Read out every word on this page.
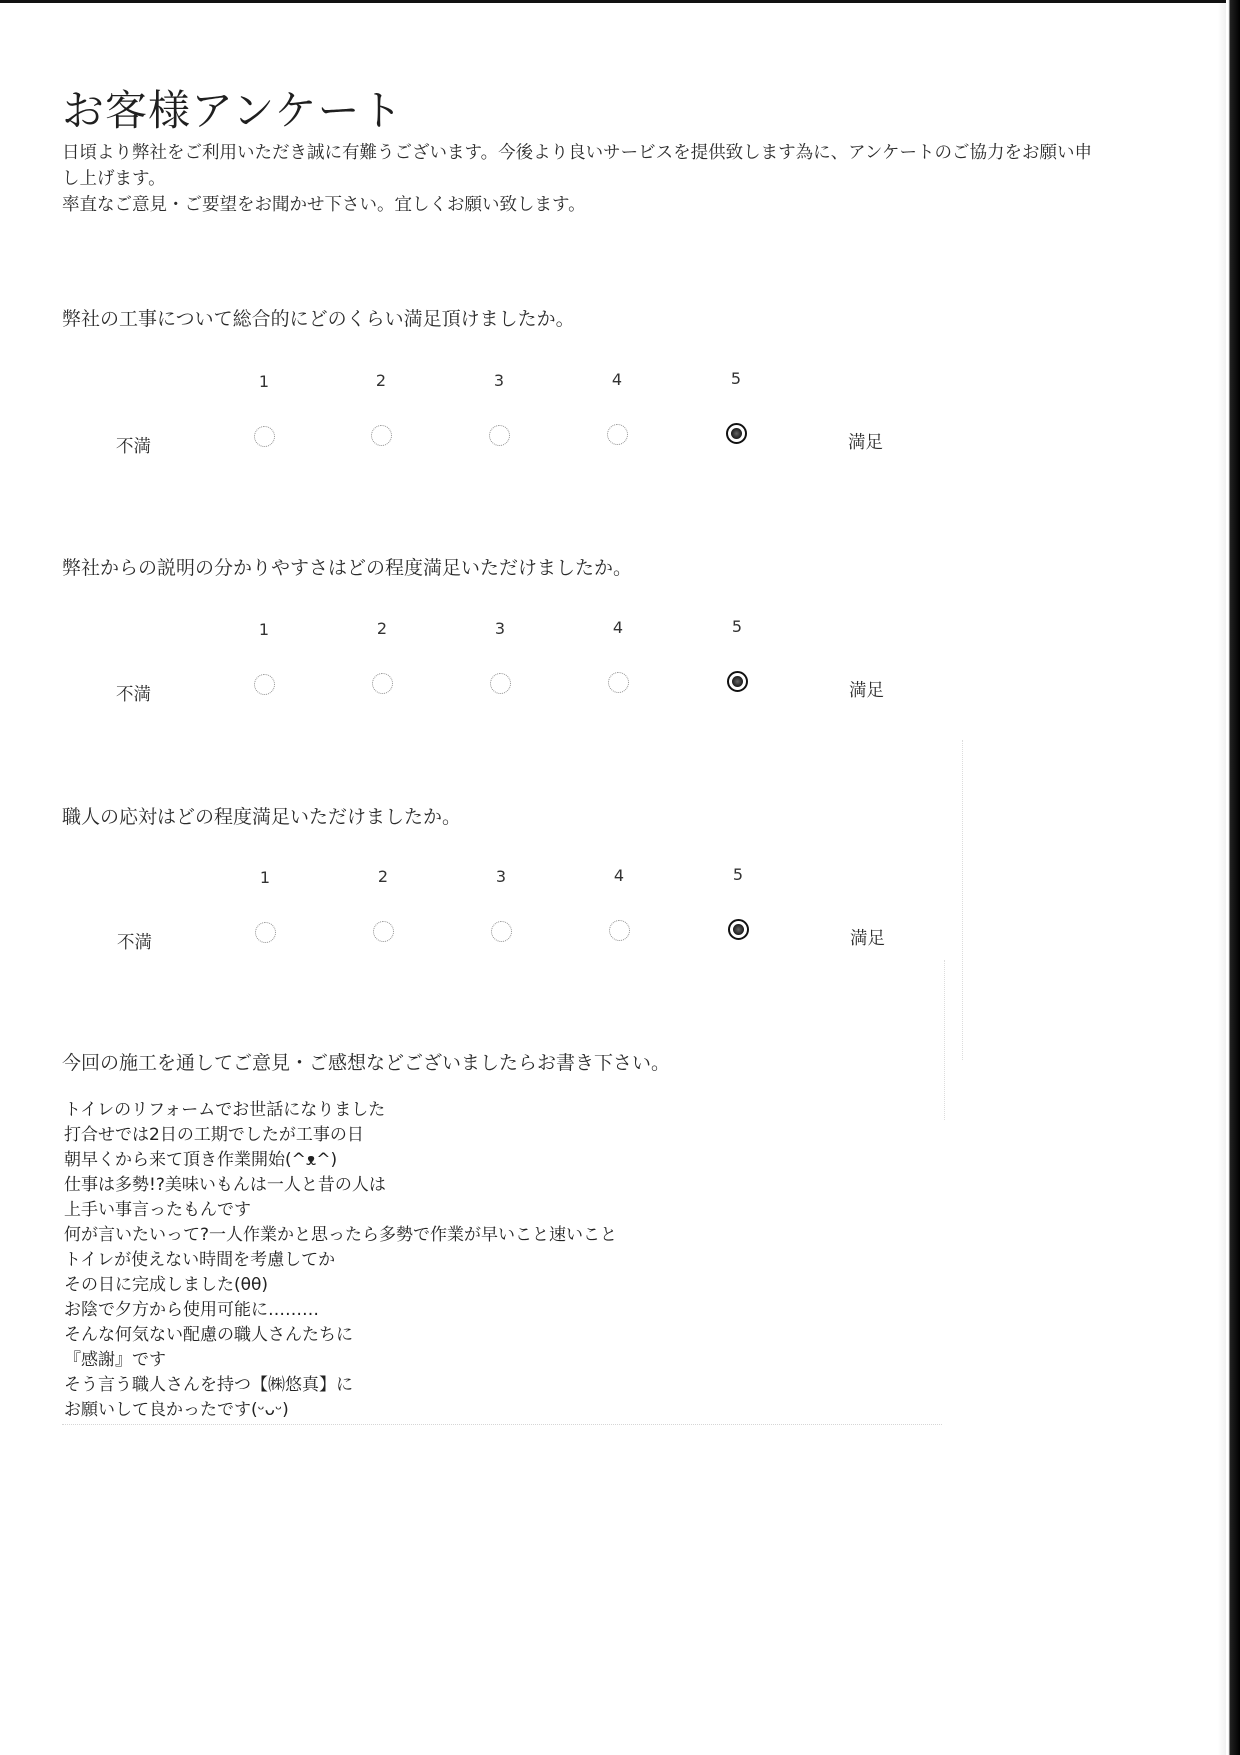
お客様アンケート

日頃より弊社をご利用いただき誠に有難うございます。今後より良いサービスを提供致します為に、アンケートのご協力をお願い申

し上げます。

率直なご意見・ご要望をお聞かせ下さい。宜しくお願い致します。

弊社の工事について総合的にどのくらい満足頂けましたか。
1	2	3	4	5
不満	満足
弊社からの説明の分かりやすさはどの程度満足いただけましたか。
1	2	3	4	5
不満	満足
職人の応対はどの程度満足いただけましたか。
1	2	3	4	5
不満	満足
今回の施工を通してご意見・ご感想などございましたらお書き下さい。
トイレのリフォームでお世話になりました
打合せでは2日の工期でしたが工事の日
朝早くから来て頂き作業開始(^ᴥ^)
仕事は多勢!?美味いもんは一人と昔の人は
上手い事言ったもんです
何が言いたいって?一人作業かと思ったら多勢で作業が早いこと速いこと
トイレが使えない時間を考慮してか
その日に完成しました(θθ)
お陰で夕方から使用可能に………
そんな何気ない配慮の職人さんたちに
『感謝』です
そう言う職人さんを持つ【㈱悠真】に
お願いして良かったです(ᵕᴗᵕ)
